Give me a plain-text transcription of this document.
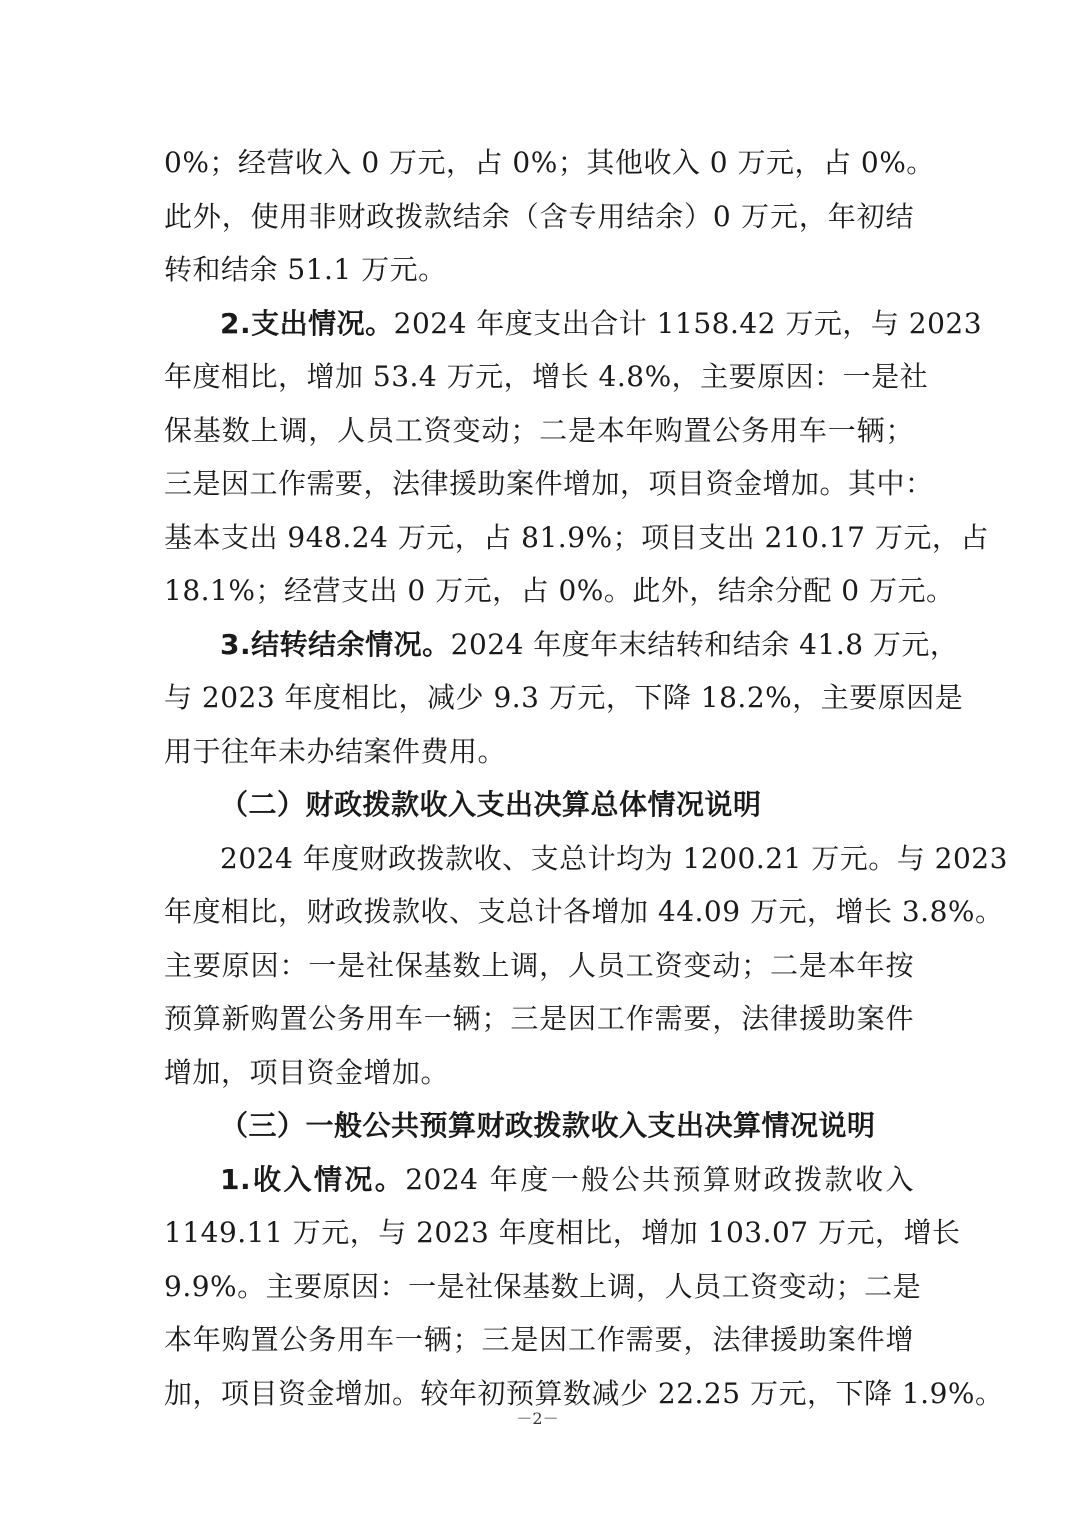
0%；经营收入 0 万元，占 0%；其他收入 0 万元，占 0%。
此外，使用非财政拨款结余（含专用结余）0 万元，年初结
转和结余 51.1 万元。
2.支出情况。2024 年度支出合计 1158.42 万元，与 2023
年度相比，增加 53.4 万元，增长 4.8%，主要原因：一是社
保基数上调，人员工资变动；二是本年购置公务用车一辆；
三是因工作需要，法律援助案件增加，项目资金增加。其中：
基本支出 948.24 万元，占 81.9%；项目支出 210.17 万元，占
18.1%；经营支出 0 万元，占 0%。此外，结余分配 0 万元。
3.结转结余情况。2024 年度年末结转和结余 41.8 万元，
与 2023 年度相比，减少 9.3 万元，下降 18.2%，主要原因是
用于往年未办结案件费用。
（二）财政拨款收入支出决算总体情况说明
2024 年度财政拨款收、支总计均为 1200.21 万元。与 2023
年度相比，财政拨款收、支总计各增加 44.09 万元，增长 3.8%。
主要原因：一是社保基数上调，人员工资变动；二是本年按
预算新购置公务用车一辆；三是因工作需要，法律援助案件
增加，项目资金增加。
（三）一般公共预算财政拨款收入支出决算情况说明
1.收入情况。2024 年度一般公共预算财政拨款收入
1149.11 万元，与 2023 年度相比，增加 103.07 万元，增长
9.9%。主要原因：一是社保基数上调，人员工资变动；二是
本年购置公务用车一辆；三是因工作需要，法律援助案件增
加，项目资金增加。较年初预算数减少 22.25 万元，下降 1.9%。
－2－
